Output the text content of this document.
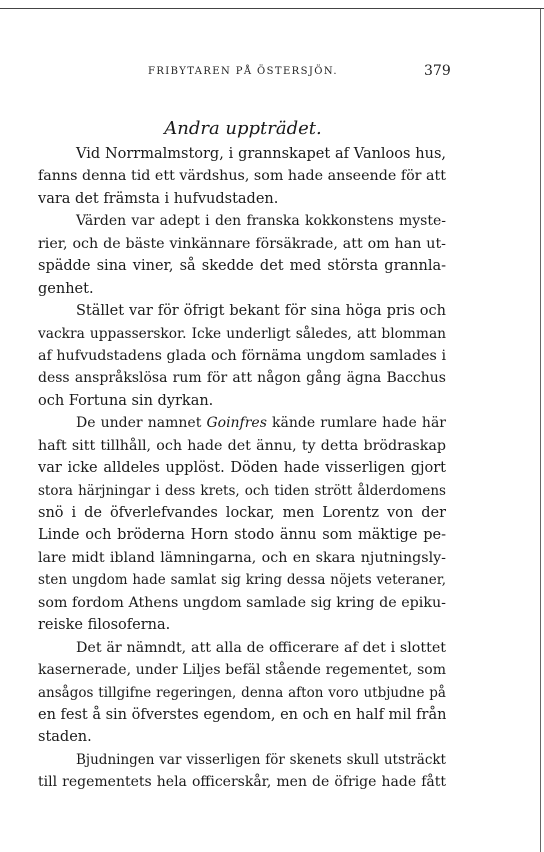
FRIBYTAREN PÅ ÖSTERSJÖN.	379
Andra uppträdet.
Vid Norrmalmstorg, i grannskapet af Vanloos hus,
fanns denna tid ett värdshus, som hade anseende för att
vara det främsta i hufvudstaden.
Värden var adept i den franska kokkonstens myste-
rier, och de bäste vinkännare försäkrade, att om han ut-
spädde sina viner, så skedde det med största grannla-
genhet.
Stället var för öfrigt bekant för sina höga pris och
vackra uppasserskor. Icke underligt således, att blomman
af hufvudstadens glada och förnäma ungdom samlades i
dess anspråkslösa rum för att någon gång ägna Bacchus
och Fortuna sin dyrkan.
De under namnet Goinfres kände rumlare hade här
haft sitt tillhåll, och hade det ännu, ty detta brödraskap
var icke alldeles upplöst. Döden hade visserligen gjort
stora härjningar i dess krets, och tiden strött ålderdomens
snö i de öfverlefvandes lockar, men Lorentz von der
Linde och bröderna Horn stodo ännu som mäktige pe-
lare midt ibland lämningarna, och en skara njutningsly-
sten ungdom hade samlat sig kring dessa nöjets veteraner,
som fordom Athens ungdom samlade sig kring de epiku-
reiske filosoferna.
Det är nämndt, att alla de officerare af det i slottet
kasernerade, under Liljes befäl stående regementet, som
ansågos tillgifne regeringen, denna afton voro utbjudne på
en fest å sin öfverstes egendom, en och en half mil från
staden.
Bjudningen var visserligen för skenets skull utsträckt
till regementets hela officerskår, men de öfrige hade fått
